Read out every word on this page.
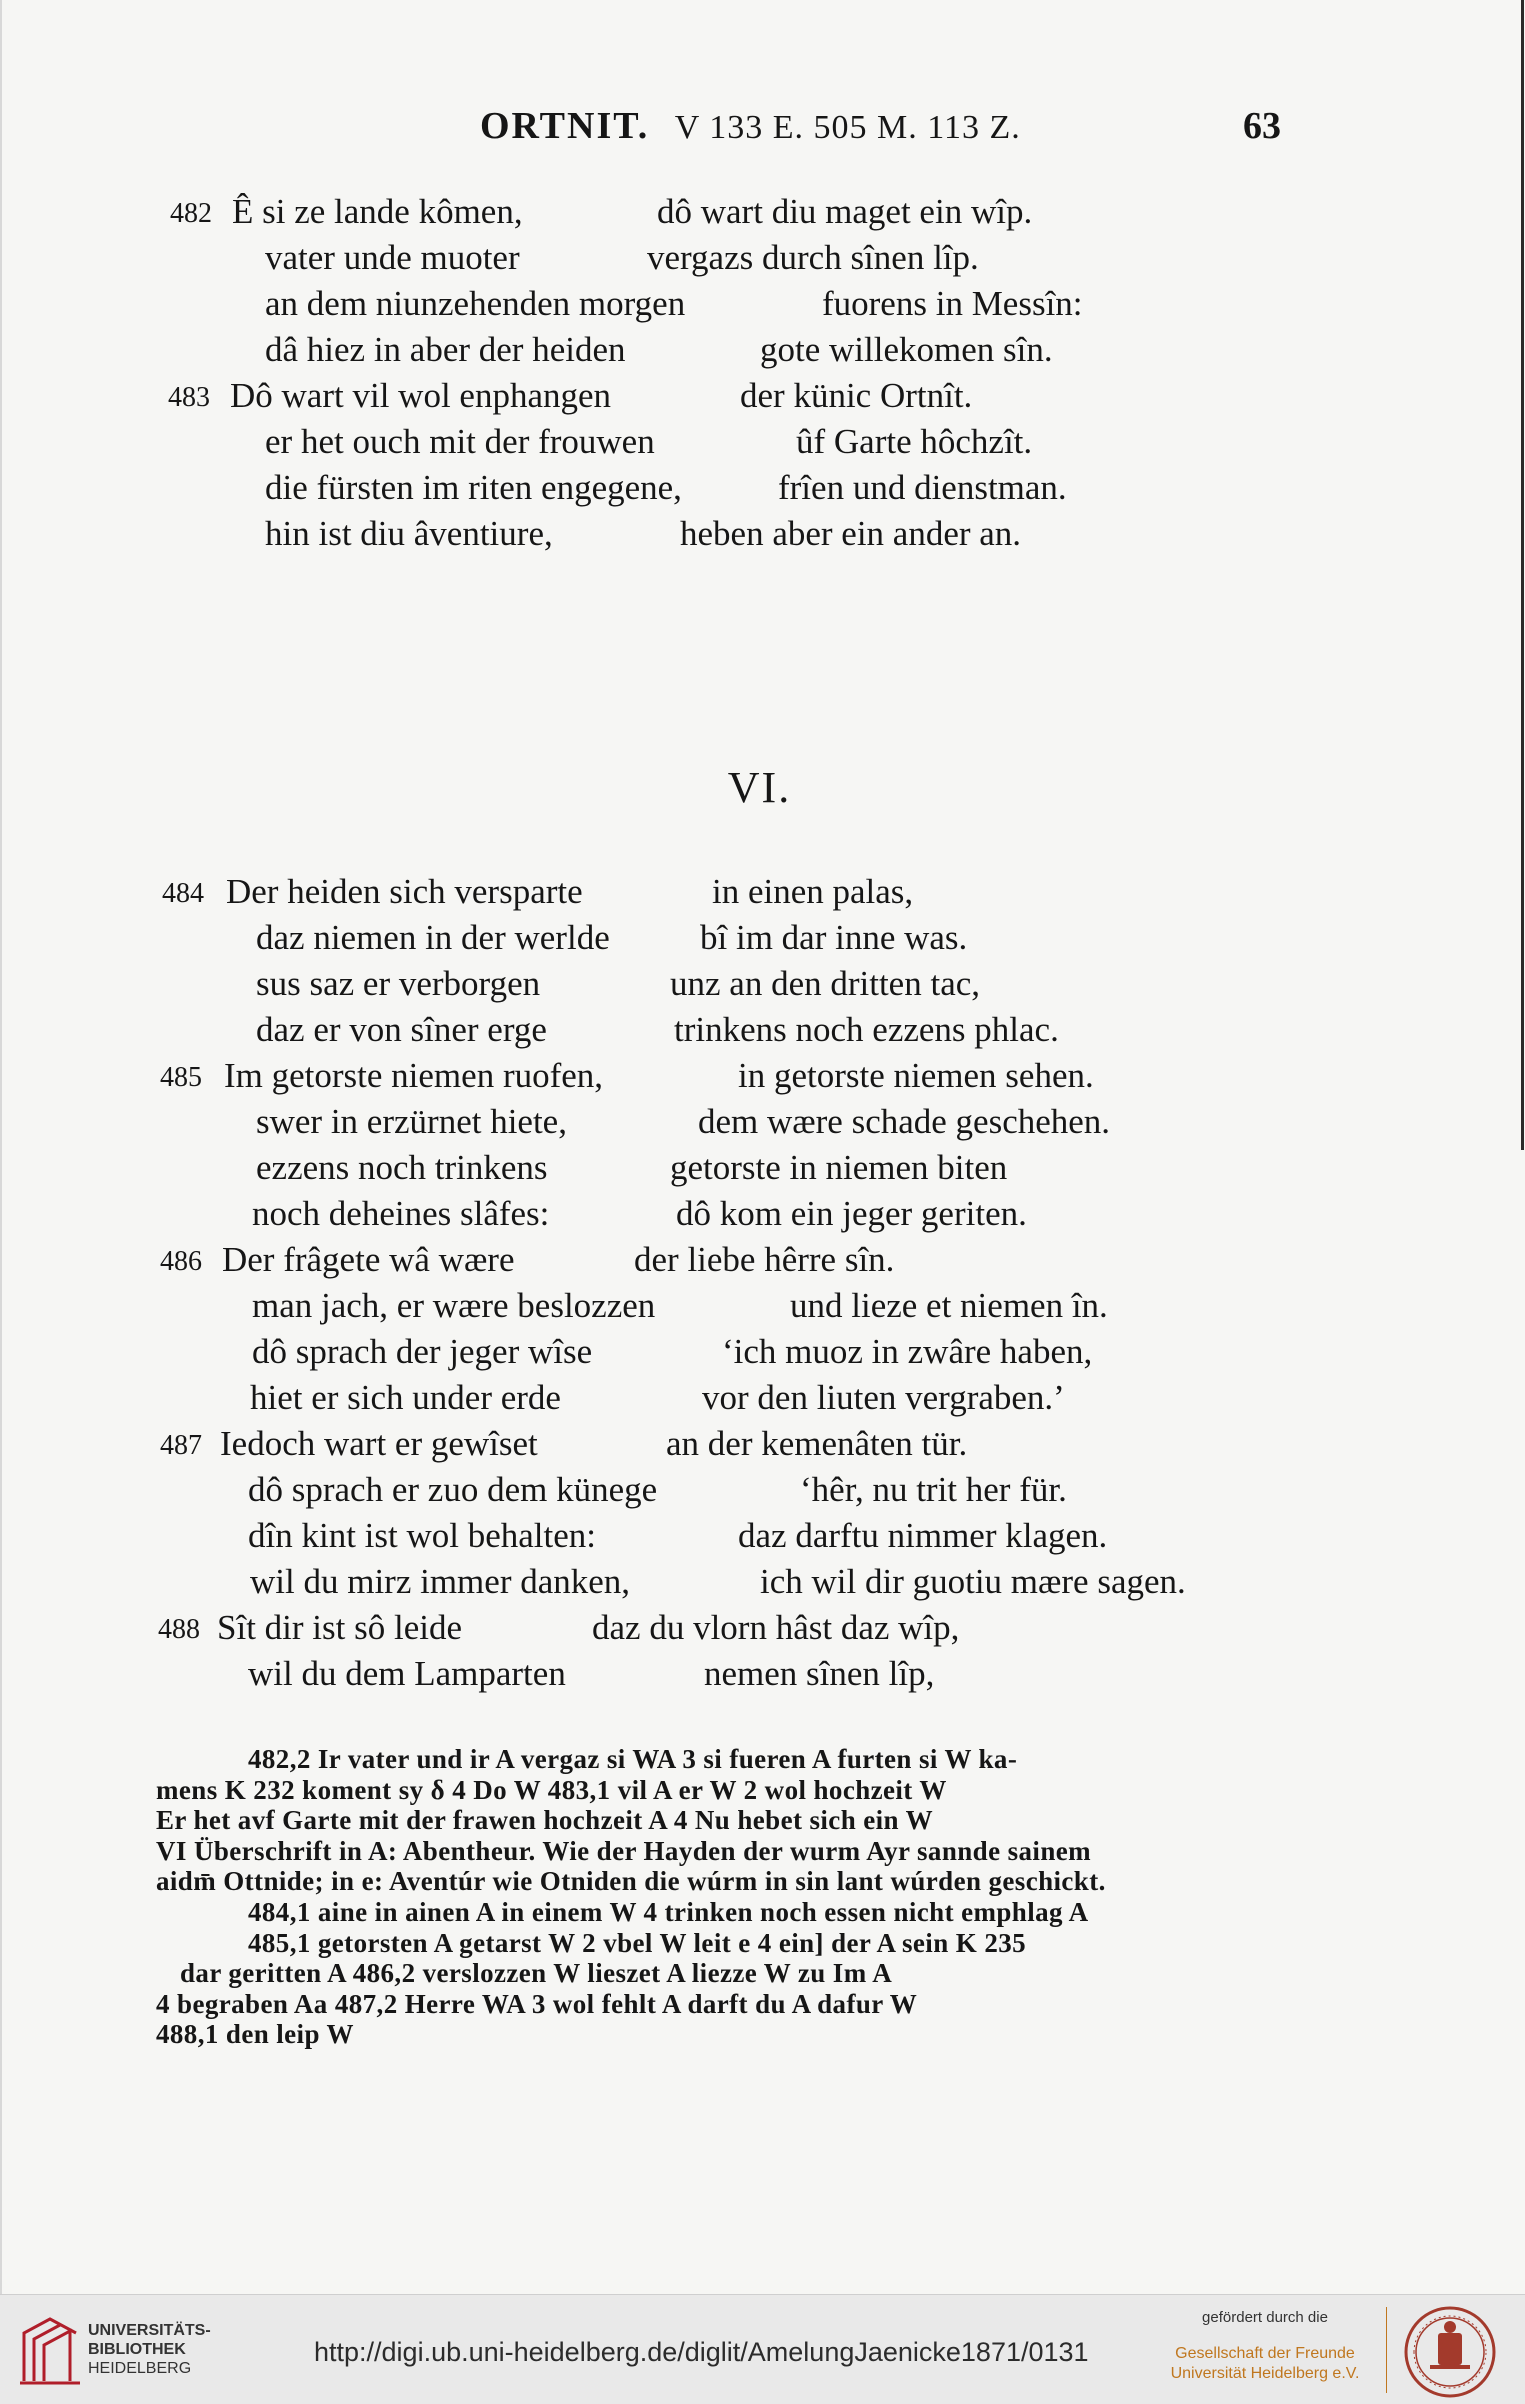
ORTNIT. V 133 E. 505 M. 113 Z.	63
482 Ê si ze lande kômen,	dô wart diu maget ein wîp.
vater unde muoter	vergazs durch sînen lîp.
an dem niunzehenden morgen	fuorens in Messîn:
dâ hiez in aber der heiden	gote willekomen sîn.
483 Dô wart vil wol enphangen	der künic Ortnît.
er het ouch mit der frouwen	ûf Garte hôchzît.
die fürsten im riten engegene,	frîen und dienstman.
hin ist diu âventiure,	heben aber ein ander an.
VI.
484 Der heiden sich versparte	in einen palas,
daz niemen in der werlde	bî im dar inne was.
sus saz er verborgen	unz an den dritten tac,
daz er von sîner erge	trinkens noch ezzens phlac.
485 Im getorste niemen ruofen,	in getorste niemen sehen.
swer in erzürnet hiete,	dem wære schade geschehen.
ezzens noch trinkens	getorste in niemen biten
noch deheines slâfes:	dô kom ein jeger geriten.
486 Der frâgete wâ wære	der liebe hêrre sîn.
man jach, er wære beslozzen	und lieze et niemen în.
dô sprach der jeger wîse	‘ich muoz in zwâre haben,
hiet er sich under erde	vor den liuten vergraben.’
487 Iedoch wart er gewîset	an der kemenâten tür.
dô sprach er zuo dem künege	‘hêr, nu trit her für.
dîn kint ist wol behalten:	daz darftu nimmer klagen.
wil du mirz immer danken,	ich wil dir guotiu mære sagen.
488 Sît dir ist sô leide	daz du vlorn hâst daz wîp,
wil du dem Lamparten	nemen sînen lîp,
482,2 Ir vater und ir A vergaz si WA 3 si fueren A furten si W ka-
mens K 232 koment sy δ 4 Do W 483,1 vil A er W 2 wol hochzeit W
Er het avf Garte mit der frawen hochzeit A 4 Nu hebet sich ein W
VI Überschrift in A: Abentheur. Wie der Hayden der wurm Ayr sannde sainem
aidm̄ Ottnide; in e: Aventúr wie Otniden die wúrm in sin lant wúrden geschickt.
484,1 aine in ainen A in einem W 4 trinken noch essen nicht emphlag A
485,1 getorsten A getarst W 2 vbel W leit e 4 ein] der A sein K 235
dar geritten A 486,2 verslozzen W lieszet A liezze W zu Im A
4 begraben Aa 487,2 Herre WA 3 wol fehlt A darft du A dafur W
488,1 den leip W
UNIVERSITÄTS-
BIBLIOTHEK
HEIDELBERG
http://digi.ub.uni-heidelberg.de/diglit/AmelungJaenicke1871/0131
gefördert durch die
Gesellschaft der Freunde
Universität Heidelberg e.V.
